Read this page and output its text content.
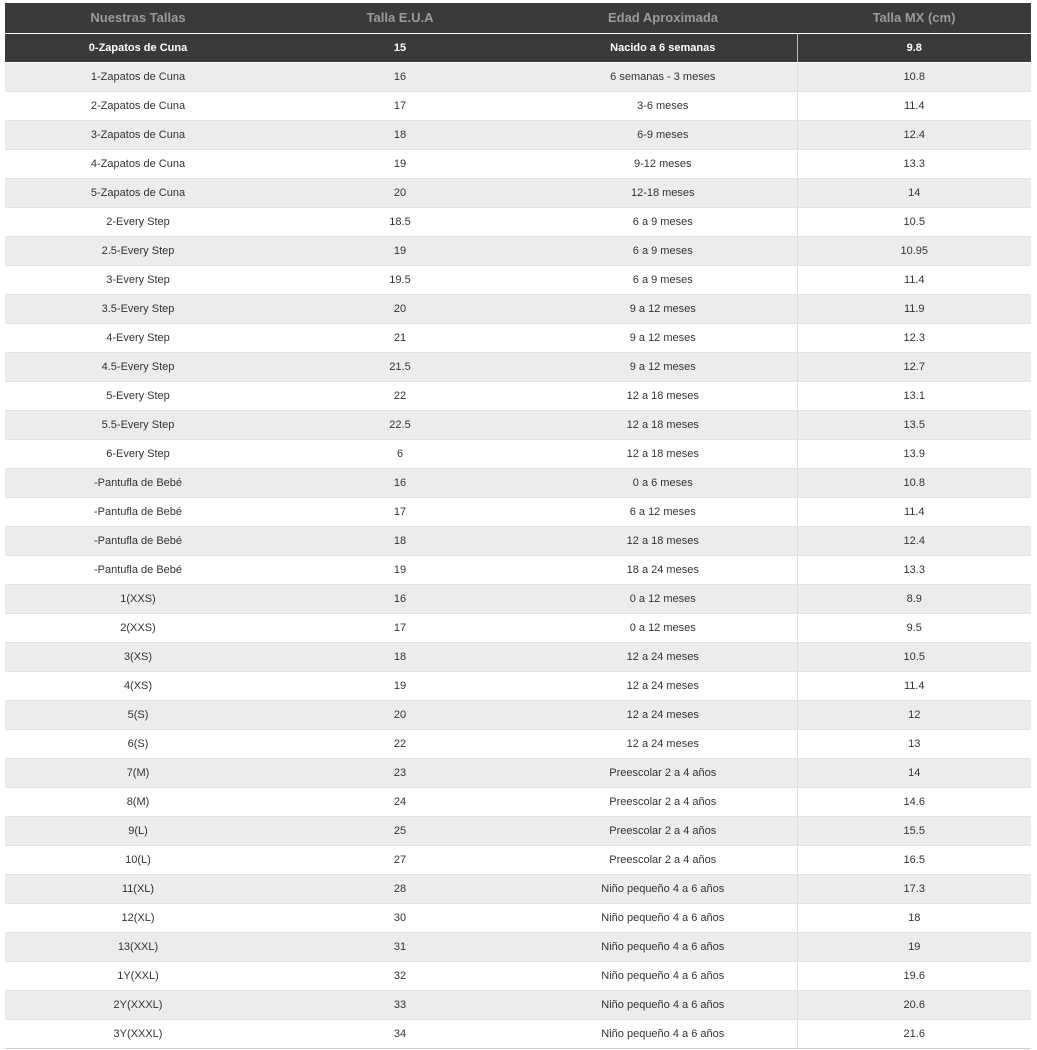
Nuestras Tallas	Talla E.U.A	Edad Aproximada	Talla MX (cm)
0-Zapatos de Cuna	15	Nacido a 6 semanas	9.8
1-Zapatos de Cuna	16	6 semanas - 3 meses	10.8
2-Zapatos de Cuna	17	3-6 meses	11.4
3-Zapatos de Cuna	18	6-9 meses	12.4
4-Zapatos de Cuna	19	9-12 meses	13.3
5-Zapatos de Cuna	20	12-18 meses	14
2-Every Step	18.5	6 a 9 meses	10.5
2.5-Every Step	19	6 a 9 meses	10.95
3-Every Step	19.5	6 a 9 meses	11.4
3.5-Every Step	20	9 a 12 meses	11.9
4-Every Step	21	9 a 12 meses	12.3
4.5-Every Step	21.5	9 a 12 meses	12.7
5-Every Step	22	12 a 18 meses	13.1
5.5-Every Step	22.5	12 a 18 meses	13.5
6-Every Step	6	12 a 18 meses	13.9
-Pantufla de Bebé	16	0 a 6 meses	10.8
-Pantufla de Bebé	17	6 a 12 meses	11.4
-Pantufla de Bebé	18	12 a 18 meses	12.4
-Pantufla de Bebé	19	18 a 24 meses	13.3
1(XXS)	16	0 a 12 meses	8.9
2(XXS)	17	0 a 12 meses	9.5
3(XS)	18	12 a 24 meses	10.5
4(XS)	19	12 a 24 meses	11.4
5(S)	20	12 a 24 meses	12
6(S)	22	12 a 24 meses	13
7(M)	23	Preescolar 2 a 4 años	14
8(M)	24	Preescolar 2 a 4 años	14.6
9(L)	25	Preescolar 2 a 4 años	15.5
10(L)	27	Preescolar 2 a 4 años	16.5
11(XL)	28	Niño pequeño 4 a 6 años	17.3
12(XL)	30	Niño pequeño 4 a 6 años	18
13(XXL)	31	Niño pequeño 4 a 6 años	19
1Y(XXL)	32	Niño pequeño 4 a 6 años	19.6
2Y(XXXL)	33	Niño pequeño 4 a 6 años	20.6
3Y(XXXL)	34	Niño pequeño 4 a 6 años	21.6
